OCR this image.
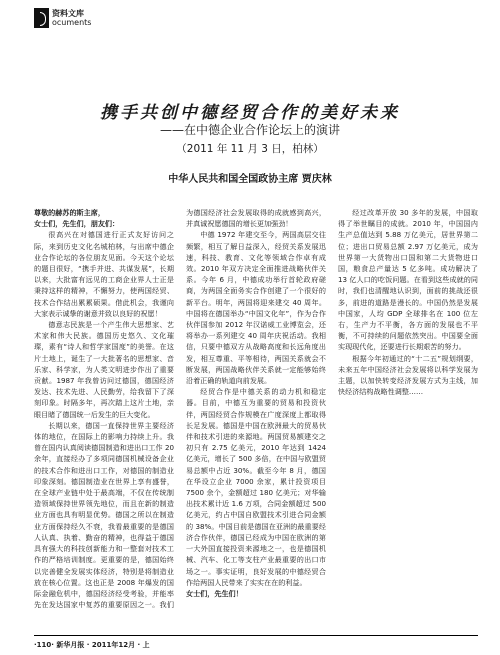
资料文库
ocuments
携手共创中德经贸合作的美好未来
——在中德企业合作论坛上的演讲
（2011 年 11 月 3 日，柏林）
中华人民共和国全国政协主席 贾庆林

尊敬的赫苏的斯主席，

女士们，先生们，朋友们：

很高兴在对德国进行正式友好访问之际，来到历史文化名城柏林，与出席中德企业合作论坛的各位朋友见面。今天这个论坛的题目很好，“携手并进、共谋发展”，长期以来，大批富有远见的工商企业界人士正是秉持这样的精神，不懈努力，使两国经贸、技术合作结出累累硕果。借此机会，我谨向大家表示诚挚的谢意并致以良好的祝愿！

德意志民族是一个产生伟大思想家、艺术家和伟大民族。德国历史悠久、文化璀璨，素有“诗人和哲学家国度”的美誉。在这片土地上，诞生了一大批著名的思想家、音乐家、科学家，为人类文明进步作出了重要贡献。1987 年我曾访问过德国，德国经济发达、技术先进、人民勤劳，给我留下了深刻印象。时隔多年，再次踏上这片土地，亲眼目睹了德国统一后发生的巨大变化。

长期以来，德国一直保持世界主要经济体的地位，在国际上的影响力持续上升。我曾在国内认真阅读德国制造和进出口工作 20 余年，直接经办了多项同德国机械设备企业的技术合作和进出口工作，对德国的制造业印象深刻。德国制造业在世界上享有盛誉，在全球产业链中处于最高端，不仅在传统制造领域保持世界领先地位，而且在新的制造业方面也具有明显优势。德国之所以在制造业方面保持经久不衰，我看最重要的是德国人认真、执着、勤奋的精神，也得益于德国具有强大的科技创新能力和一整套对技术工作的严格培训制度。更重要的是，德国始终以完善健全发展实体经济，特别是将制造业放在核心位置。这也正是 2008 年爆发的国际金融危机中，德国经济经受考验，并能率先在发达国家中复苏的重要原因之一。我们为德国经济社会发展取得的成就感到高兴，并真诚祝愿德国的增长更加强劲！

中德 1972 年建交至今，两国高层交往频繁，相互了解日益深入，经贸关系发展迅速，科技、教育、文化等领域合作卓有成效。2010 年双方决定全面推进战略伙伴关系。今年 6 月，中德成功举行首轮政府磋商，为两国全面务实合作创建了一个很好的新平台。明年，两国将迎来建交 40 周年。中国将在德国举办“中国文化年”，作为合作伙伴国参加 2012 年汉诺威工业博览会，还将举办一系列建交 40 周年庆祝活动。我相信，只要中德双方从战略高度和长远角度出发，相互尊重、平等相待，两国关系就会不断发展，两国战略伙伴关系就一定能够始终沿着正确的轨道向前发展。

经贸合作是中德关系的动力机和稳定器。目前，中德互为重要的贸易和投资伙伴，两国经贸合作规模在广度深度上都取得长足发展。德国是中国在欧洲最大的贸易伙伴和技术引进的来源地。两国贸易额建交之初只有 2.75 亿美元，2010 年达到 1424 亿美元，增长了 500 多倍，在中国与欧盟贸易总额中占近 30%。截至今年 8 月，德国在华设立企业 7000 余家，累计投资项目 7500 余个，金额超过 180 亿美元；对华输出技术累计近 1.6 万项，合同金额超过 500 亿美元，约占中国自欧盟技术引进合同金额的 38%。中国目前是德国在亚洲的最重要经济合作伙伴，德国已经成为中国在欧洲的第一大外国直接投资来源地之一，也是德国机械、汽车、化工等支柱产业最重要的出口市场之一。事实证明，良好发展的中德经贸合作给两国人民带来了实实在在的利益。

女士们，先生们！

经过改革开放 30 多年的发展，中国取得了举世瞩目的成就。2010 年，中国国内生产总值达到 5.88 万亿美元，居世界第二位；进出口贸易总额 2.97 万亿美元，成为世界第一大货物出口国和第二大货物进口国，粮食总产量达 5 亿多吨。成功解决了 13 亿人口的吃饭问题。在看到这些成就的同时，我们也清醒地认识到，面前的挑战还很多，前进的道路是漫长的。中国仍然是发展中国家，人均 GDP 全球排名在 100 位左右，生产力不平衡，各方面的发展也不平衡，不可持续的问题依然突出。中国要全面实现现代化，还要进行长期艰苦的努力。

根据今年初通过的“十二五”规划纲要，未来五年中国经济社会发展将以科学发展为主题，以加快转变经济发展方式为主线，加快经济结构战略性调整……

·110· 新华月报 · 2011年12月 · 上
